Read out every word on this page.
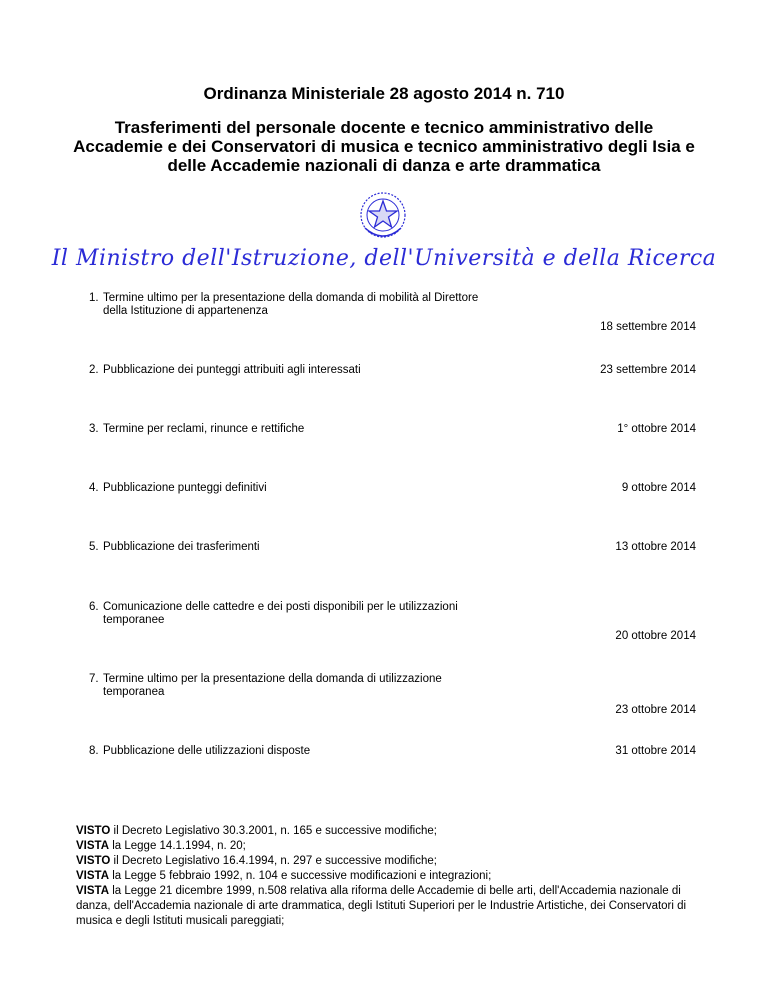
Ordinanza Ministeriale 28 agosto 2014 n. 710
Trasferimenti del personale docente e tecnico amministrativo delle
Accademie e dei Conservatori di musica e tecnico amministrativo degli Isia e
delle Accademie nazionali di danza e arte drammatica
Il Ministro dell'Istruzione, dell'Università e della Ricerca
1. Termine ultimo per la presentazione della domanda di mobilità al Direttore
della Istituzione di appartenenza
18 settembre 2014
2. Pubblicazione dei punteggi attribuiti agli interessati	23 settembre 2014
3. Termine per reclami, rinunce e rettifiche	1° ottobre 2014
4. Pubblicazione punteggi definitivi	9 ottobre 2014
5. Pubblicazione dei trasferimenti	13 ottobre 2014
6. Comunicazione delle cattedre e dei posti disponibili per le utilizzazioni
temporanee
20 ottobre 2014
7. Termine ultimo per la presentazione della domanda di utilizzazione
temporanea
23 ottobre 2014
8. Pubblicazione delle utilizzazioni disposte	31 ottobre 2014

VISTO il Decreto Legislativo 30.3.2001, n. 165 e successive modifiche;

VISTA la Legge 14.1.1994, n. 20;

VISTO il Decreto Legislativo 16.4.1994, n. 297 e successive modifiche;

VISTA la Legge 5 febbraio 1992, n. 104 e successive modificazioni e integrazioni;

VISTA la Legge 21 dicembre 1999, n.508 relativa alla riforma delle Accademie di belle arti, dell'Accademia nazionale di danza, dell'Accademia nazionale di arte drammatica, degli Istituti Superiori per le Industrie Artistiche, dei Conservatori di musica e degli Istituti musicali pareggiati;
